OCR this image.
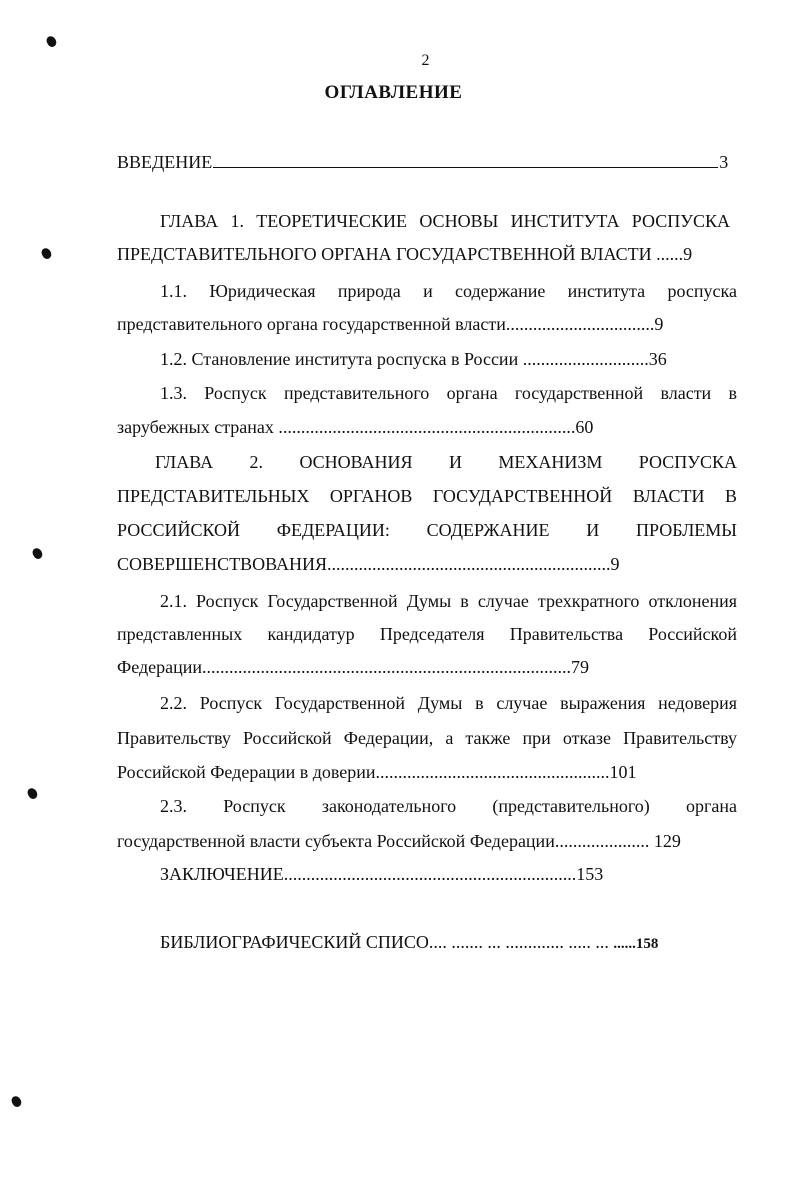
2
ОГЛАВЛЕНИЕ
ВВЕДЕНИЕ	3
ГЛАВА 1. ТЕОРЕТИЧЕСКИЕ ОСНОВЫ ИНСТИТУТА РОСПУСКА
ПРЕДСТАВИТЕЛЬНОГО ОРГАНА ГОСУДАРСТВЕННОЙ ВЛАСТИ ......9
1.1. Юридическая природа и содержание института роспуска
представительного органа государственной власти.................................9
1.2. Становление института роспуска в России ............................36
1.3. Роспуск представительного органа государственной власти в
зарубежных странах ..................................................................60
ГЛАВА 2. ОСНОВАНИЯ И МЕХАНИЗМ РОСПУСКА
ПРЕДСТАВИТЕЛЬНЫХ ОРГАНОВ ГОСУДАРСТВЕННОЙ ВЛАСТИ В
РОССИЙСКОЙ ФЕДЕРАЦИИ: СОДЕРЖАНИЕ И ПРОБЛЕМЫ
СОВЕРШЕНСТВОВАНИЯ...............................................................9
2.1. Роспуск Государственной Думы в случае трехкратного отклонения
представленных кандидатур Председателя Правительства Российской
Федерации..................................................................................79
2.2. Роспуск Государственной Думы в случае выражения недоверия
Правительству Российской Федерации, а также при отказе Правительству
Российской Федерации в доверии....................................................101
2.3. Роспуск законодательного (представительного) органа
государственной власти субъекта Российской Федерации..................... 129
ЗАКЛЮЧЕНИЕ.................................................................153
БИБЛИОГРАФИЧЕСКИЙ СПИСО.... ....... ... ............. ..... ... ......158
